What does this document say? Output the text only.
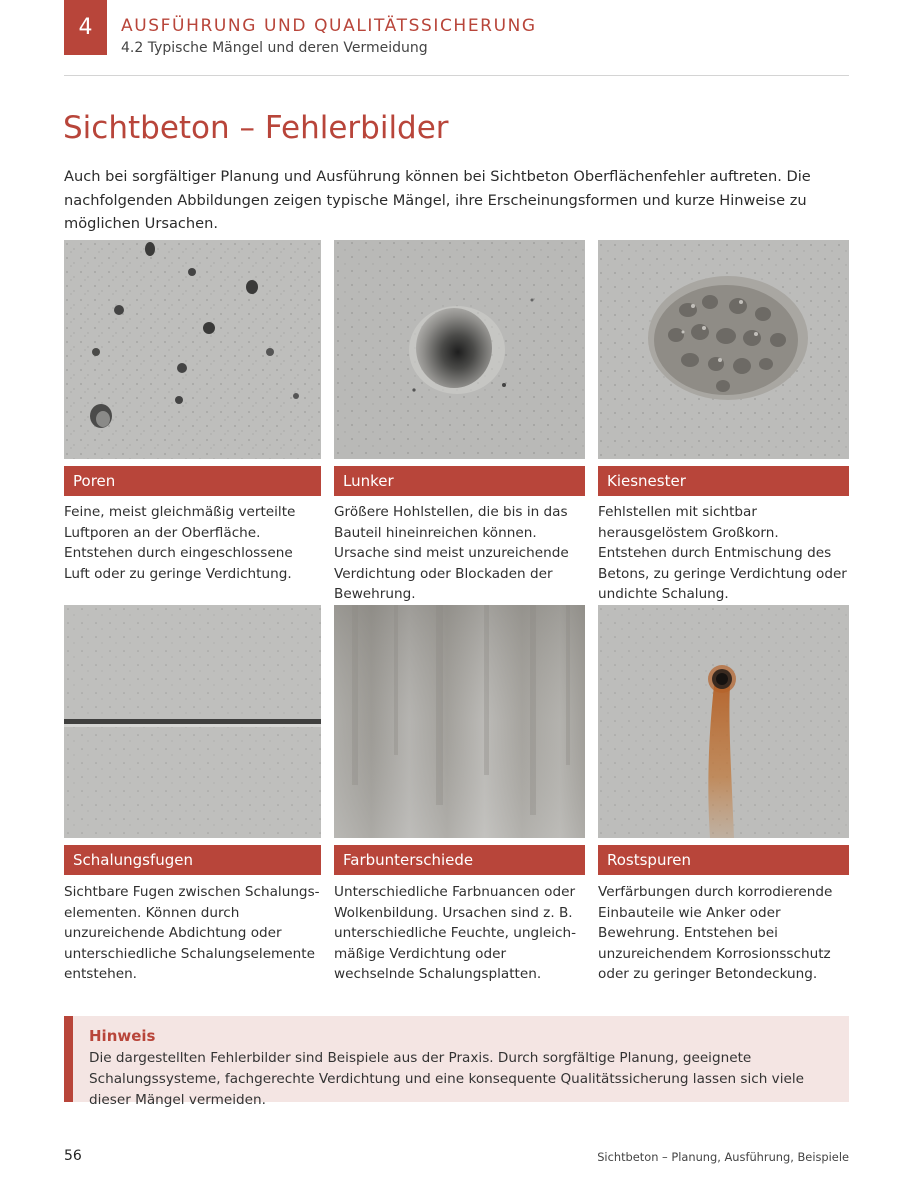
4	AUSFÜHRUNG UND QUALITÄTSSICHERUNG
4.2 Typische Mängel und deren Vermeidung
Sichtbeton – Fehlerbilder
Auch bei sorgfältiger Planung und Ausführung können bei Sichtbeton Oberflächenfehler auftreten. Die nachfolgenden Abbildungen zeigen typische Mängel, ihre Erscheinungsformen und kurze Hinweise zu möglichen Ursachen.
Poren
Feine, meist gleichmäßig verteilte Luftporen an der Oberfläche. Entstehen durch eingeschlossene Luft oder zu geringe Verdichtung.
Lunker
Größere Hohlstellen, die bis in das Bauteil hineinreichen können. Ursache sind meist unzureichende Verdichtung oder Blockaden der Bewehrung.
Kiesnester
Fehlstellen mit sichtbar herausgelöstem Großkorn. Entstehen durch Entmischung des Betons, zu geringe Verdichtung oder undichte Schalung.
Schalungsfugen
Sichtbare Fugen zwischen Schalungs-elementen. Können durch unzureichende Abdichtung oder unterschiedliche Schalungselemente entstehen.
Farbunterschiede
Unterschiedliche Farbnuancen oder Wolkenbildung. Ursachen sind z. B. unterschiedliche Feuchte, ungleich-mäßige Verdichtung oder wechselnde Schalungsplatten.
Rostspuren
Verfärbungen durch korrodierende Einbauteile wie Anker oder Bewehrung. Entstehen bei unzureichendem Korrosionsschutz oder zu geringer Betondeckung.
Hinweis
Die dargestellten Fehlerbilder sind Beispiele aus der Praxis. Durch sorgfältige Planung, geeignete Schalungssysteme, fachgerechte Verdichtung und eine konsequente Qualitätssicherung lassen sich viele dieser Mängel vermeiden.
56	Sichtbeton – Planung, Ausführung, Beispiele
